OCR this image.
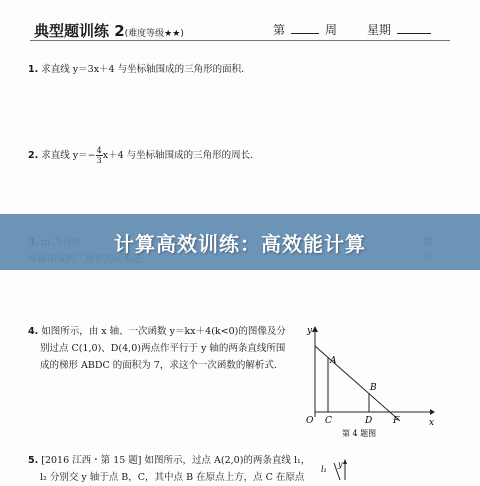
典型题训练 2(难度等级★★)	第	周	星期
1. 求直线 y＝3x＋4 与坐标轴围成的三角形的面积.
2. 求直线 $y=- \frac{4}{3} x+4$ 与坐标轴围成的三角形的周长.
计算高效训练：高效能计算
4. 如图所示，由 x 轴、一次函数 y＝kx＋4(k<0)的图像及分
别过点 C(1,0)、D(4,0)两点作平行于 y 轴的两条直线所围
成的梯形 ABDC 的面积为 7，求这个一次函数的解析式.
y
x
O C	D F
A
B
第 4 题图
5. [2016 江西・第 15 题] 如图所示，过点 A(2,0)的两条直线 l₁，
l₂ 分别交 y 轴于点 B，C，其中点 B 在原点上方，点 C 在原点
l₁
y
